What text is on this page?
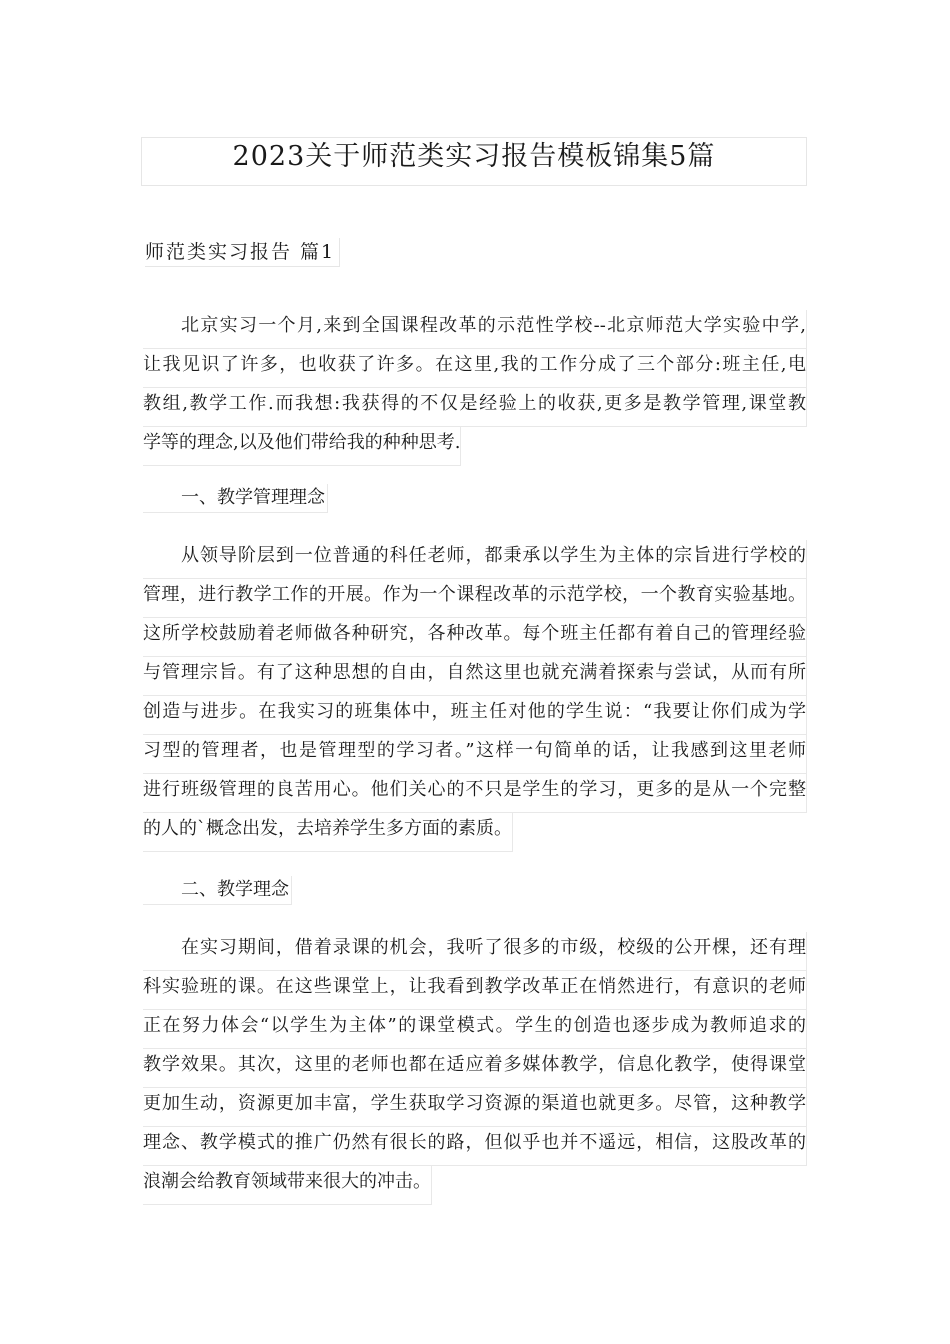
2023关于师范类实习报告模板锦集5篇
师范类实习报告 篇1
北京实习一个月,来到全国课程改革的示范性学校--北京师范大学实验中学,
让我见识了许多，也收获了许多。在这里,我的工作分成了三个部分:班主任,电
教组,教学工作.而我想:我获得的不仅是经验上的收获,更多是教学管理,课堂教
学等的理念,以及他们带给我的种种思考.
一、教学管理理念
从领导阶层到一位普通的科任老师，都秉承以学生为主体的宗旨进行学校的
管理，进行教学工作的开展。作为一个课程改革的示范学校，一个教育实验基地。
这所学校鼓励着老师做各种研究，各种改革。每个班主任都有着自己的管理经验
与管理宗旨。有了这种思想的自由，自然这里也就充满着探索与尝试，从而有所
创造与进步。在我实习的班集体中，班主任对他的学生说：“我要让你们成为学
习型的管理者，也是管理型的学习者。”这样一句简单的话，让我感到这里老师
进行班级管理的良苦用心。他们关心的不只是学生的学习，更多的是从一个完整
的人的`概念出发，去培养学生多方面的素质。
二、教学理念
在实习期间，借着录课的机会，我听了很多的市级，校级的公开棵，还有理
科实验班的课。在这些课堂上，让我看到教学改革正在悄然进行，有意识的老师
正在努力体会“以学生为主体”的课堂模式。学生的创造也逐步成为教师追求的
教学效果。其次，这里的老师也都在适应着多媒体教学，信息化教学，使得课堂
更加生动，资源更加丰富，学生获取学习资源的渠道也就更多。尽管，这种教学
理念、教学模式的推广仍然有很长的路，但似乎也并不遥远，相信，这股改革的
浪潮会给教育领域带来很大的冲击。
